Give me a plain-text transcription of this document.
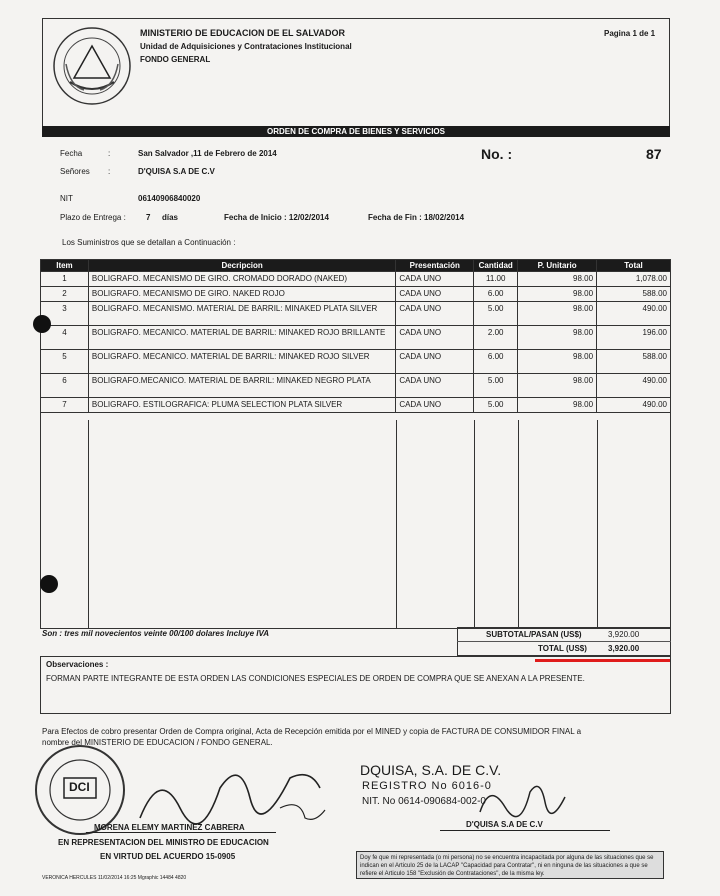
MINISTERIO DE EDUCACION DE EL SALVADOR
Unidad de Adquisiciones y Contrataciones Institucional
FONDO GENERAL
Pagina 1 de 1
ORDEN DE COMPRA DE BIENES Y SERVICIOS
Fecha	:	San Salvador ,11 de Febrero de 2014	No. :	87
Señores :	D'QUISA S.A DE C.V
NIT	06140906840020
Plazo de Entrega :	7 días	Fecha de Inicio : 12/02/2014	Fecha de Fin : 18/02/2014
Los Suministros que se detallan a Continuación :
Item	Decripcion	Presentación	Cantidad	P. Unitario	Total
1	BOLIGRAFO. MECANISMO DE GIRO. CROMADO DORADO (NAKED)	CADA UNO	11.00	98.00	1,078.00
2	BOLIGRAFO. MECANISMO DE GIRO. NAKED ROJO	CADA UNO	6.00	98.00	588.00
3	BOLIGRAFO. MECANISMO. MATERIAL DE BARRIL: MINAKED PLATA SILVER	CADA UNO	5.00	98.00	490.00
4	BOLIGRAFO. MECANICO. MATERIAL DE BARRIL: MINAKED ROJO BRILLANTE	CADA UNO	2.00	98.00	196.00
5	BOLIGRAFO. MECANICO. MATERIAL DE BARRIL: MINAKED ROJO SILVER	CADA UNO	6.00	98.00	588.00
6	BOLIGRAFO.MECANICO. MATERIAL DE BARRIL: MINAKED NEGRO PLATA	CADA UNO	5.00	98.00	490.00
7	BOLIGRAFO. ESTILOGRAFICA: PLUMA SELECTION PLATA SILVER	CADA UNO	5.00	98.00	490.00
Son : tres mil novecientos veinte 00/100 dolares Incluye IVA	SUBTOTAL/PASAN (US$)	3,920.00
TOTAL (US$)	3,920.00
Observaciones :
FORMAN PARTE INTEGRANTE DE ESTA ORDEN LAS CONDICIONES ESPECIALES DE ORDEN DE COMPRA QUE SE ANEXAN A LA PRESENTE.
Para Efectos de cobro presentar Orden de Compra original, Acta de Recepción emitida por el MINED y copia de FACTURA DE CONSUMIDOR FINAL a
nombre del MINISTERIO DE EDUCACION / FONDO GENERAL.
DCI
MORENA ELEMY MARTINEZ CABRERA
EN REPRESENTACION DEL MINISTRO DE EDUCACION
EN VIRTUD DEL ACUERDO 15-0905
DQUISA, S.A. DE C.V.
REGISTRO No 6016-0
NIT. No 0614-090684-002-0
D'QUISA S.A DE C.V
Doy fe que mi representada (o mi persona) no se encuentra incapacitada por alguna de las situaciones que se indican en el Articulo 25 de la LACAP "Capacidad para Contratar", ni en ninguna de las situaciones a que se refiere el Articulo 158 "Exclusión de Contrataciones", de la misma ley.
VERONICA HERCULES 11/02/2014 16:25 Mgraphic 14484 4820
